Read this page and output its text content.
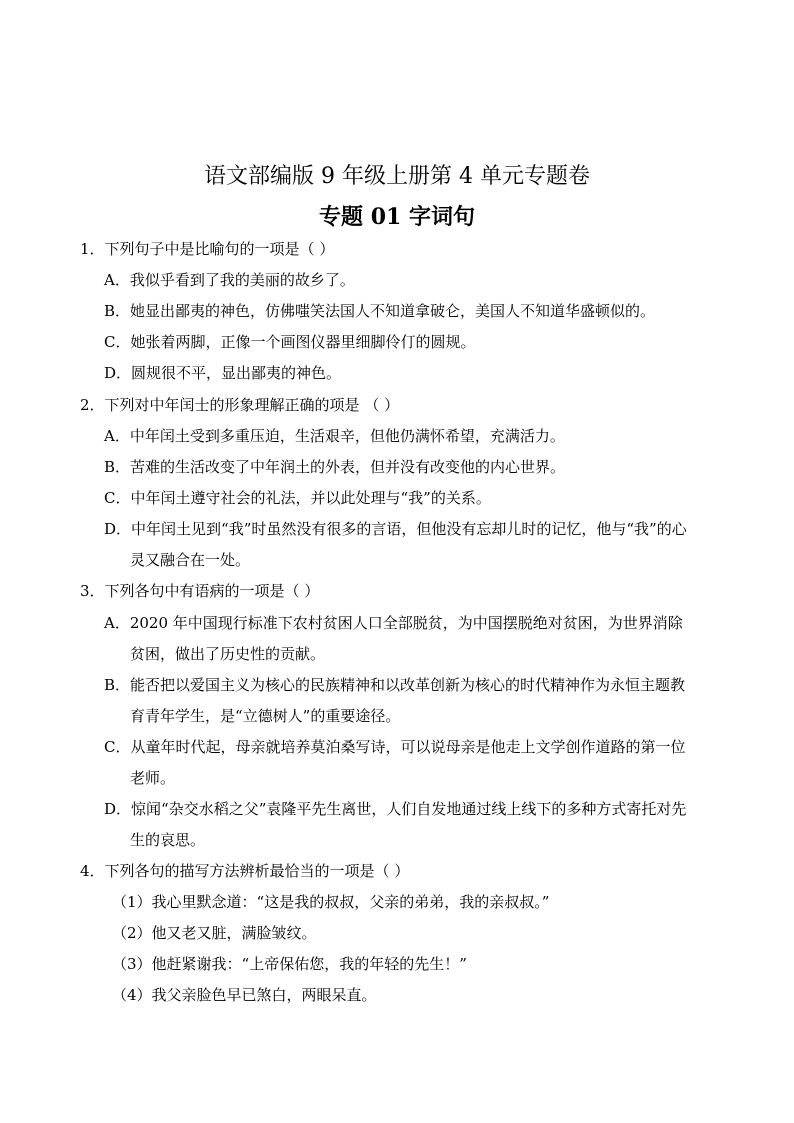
语文部编版 9 年级上册第 4 单元专题卷
专题 01 字词句
1．下列句子中是比喻句的一项是（ ）
A．我似乎看到了我的美丽的故乡了。
B．她显出鄙夷的神色，仿佛嗤笑法国人不知道拿破仑，美国人不知道华盛顿似的。
C．她张着两脚，正像一个画图仪器里细脚伶仃的圆规。
D．圆规很不平，显出鄙夷的神色。
2．下列对中年闰士的形象理解正确的项是 （ ）
A．中年闰土受到多重压迫，生活艰辛，但他仍满怀希望，充满活力。
B．苦难的生活改变了中年润土的外表，但并没有改变他的内心世界。
C．中年闰土遵守社会的礼法，并以此处理与“我”的关系。
D．中年闰土见到“我”时虽然没有很多的言语，但他没有忘却儿时的记忆，他与“我”的心
灵又融合在一处。
3．下列各句中有语病的一项是（ ）
A．2020 年中国现行标准下农村贫困人口全部脱贫，为中国摆脱绝对贫困，为世界消除
贫困，做出了历史性的贡献。
B．能否把以爱国主义为核心的民族精神和以改革创新为核心的时代精神作为永恒主题教
育青年学生，是“立德树人”的重要途径。
C．从童年时代起，母亲就培养莫泊桑写诗，可以说母亲是他走上文学创作道路的第一位
老师。
D．惊闻“杂交水稻之父”袁隆平先生离世，人们自发地通过线上线下的多种方式寄托对先
生的哀思。
4．下列各句的描写方法辨析最恰当的一项是（ ）
（1）我心里默念道：“这是我的叔叔，父亲的弟弟，我的亲叔叔。”
（2）他又老又脏，满脸皱纹。
（3）他赶紧谢我：“上帝保佑您，我的年轻的先生！”
（4）我父亲脸色早已煞白，两眼呆直。
